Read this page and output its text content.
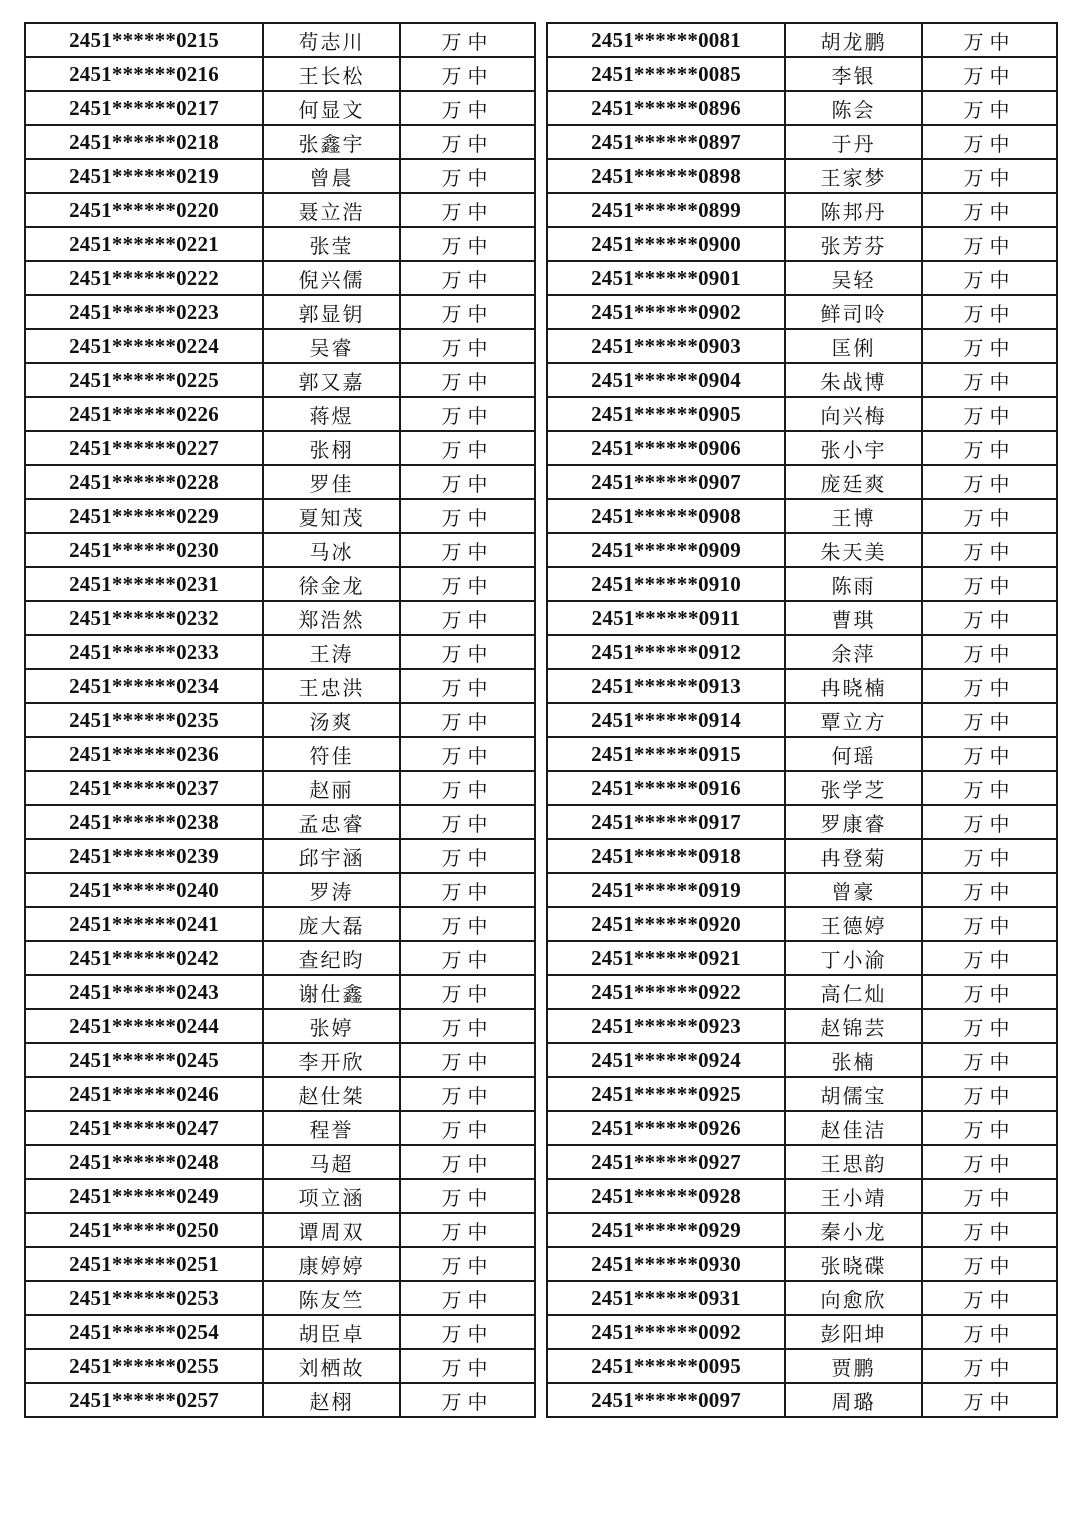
2451******0215	苟志川	万中
2451******0216	王长松	万中
2451******0217	何显文	万中
2451******0218	张鑫宇	万中
2451******0219	曾晨	万中
2451******0220	聂立浩	万中
2451******0221	张莹	万中
2451******0222	倪兴儒	万中
2451******0223	郭显钥	万中
2451******0224	吴睿	万中
2451******0225	郭又嘉	万中
2451******0226	蒋煜	万中
2451******0227	张栩	万中
2451******0228	罗佳	万中
2451******0229	夏知茂	万中
2451******0230	马冰	万中
2451******0231	徐金龙	万中
2451******0232	郑浩然	万中
2451******0233	王涛	万中
2451******0234	王忠洪	万中
2451******0235	汤爽	万中
2451******0236	符佳	万中
2451******0237	赵丽	万中
2451******0238	孟忠睿	万中
2451******0239	邱宇涵	万中
2451******0240	罗涛	万中
2451******0241	庞大磊	万中
2451******0242	查纪昀	万中
2451******0243	谢仕鑫	万中
2451******0244	张婷	万中
2451******0245	李开欣	万中
2451******0246	赵仕桀	万中
2451******0247	程誉	万中
2451******0248	马超	万中
2451******0249	项立涵	万中
2451******0250	谭周双	万中
2451******0251	康婷婷	万中
2451******0253	陈友竺	万中
2451******0254	胡臣卓	万中
2451******0255	刘栖故	万中
2451******0257	赵栩	万中
2451******0081	胡龙鹏	万中
2451******0085	李银	万中
2451******0896	陈会	万中
2451******0897	于丹	万中
2451******0898	王家梦	万中
2451******0899	陈邦丹	万中
2451******0900	张芳芬	万中
2451******0901	吴轻	万中
2451******0902	鲜司呤	万中
2451******0903	匡俐	万中
2451******0904	朱战博	万中
2451******0905	向兴梅	万中
2451******0906	张小宇	万中
2451******0907	庞廷爽	万中
2451******0908	王博	万中
2451******0909	朱天美	万中
2451******0910	陈雨	万中
2451******0911	曹琪	万中
2451******0912	余萍	万中
2451******0913	冉晓楠	万中
2451******0914	覃立方	万中
2451******0915	何瑶	万中
2451******0916	张学芝	万中
2451******0917	罗康睿	万中
2451******0918	冉登菊	万中
2451******0919	曾豪	万中
2451******0920	王德婷	万中
2451******0921	丁小渝	万中
2451******0922	高仁灿	万中
2451******0923	赵锦芸	万中
2451******0924	张楠	万中
2451******0925	胡儒宝	万中
2451******0926	赵佳洁	万中
2451******0927	王思韵	万中
2451******0928	王小靖	万中
2451******0929	秦小龙	万中
2451******0930	张晓碟	万中
2451******0931	向愈欣	万中
2451******0092	彭阳坤	万中
2451******0095	贾鹏	万中
2451******0097	周璐	万中
